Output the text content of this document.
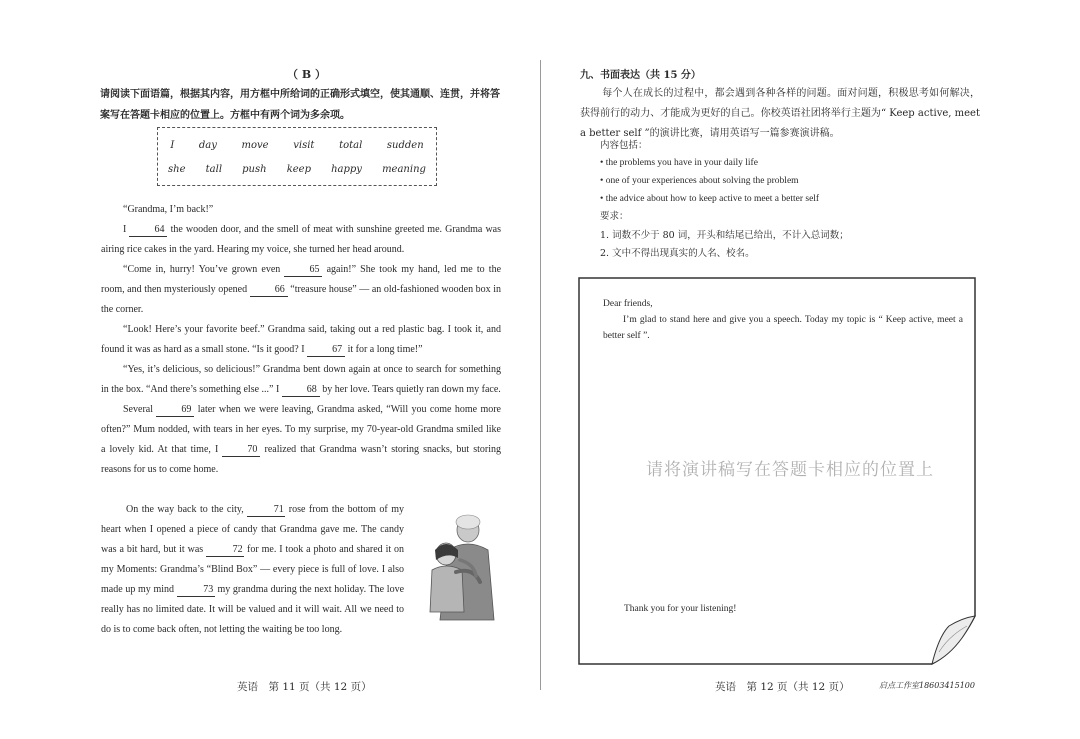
（ B ）
请阅读下面语篇，根据其内容，用方框中所给词的正确形式填空，使其通顺、连贯，并将答案写在答题卡相应的位置上。方框中有两个词为多余项。
I day move visit total sudden
she tall push keep happy meaning

“Grandma, I’m back!”

I	64 the wooden door, and the smell of meat with sunshine greeted me. Grandma was airing rice cakes in the yard. Hearing my voice, she turned her head around.

“Come in, hurry! You’ve grown even	65 again!” She took my hand, led me to the room, and then mysteriously opened	66 “treasure house” — an old-fashioned wooden box in the corner.

“Look! Here’s your favorite beef.” Grandma said, taking out a red plastic bag. I took it, and found it was as hard as a small stone. “Is it good? I	67 it for a long time!”

“Yes, it’s delicious, so delicious!” Grandma bent down again at once to search for something in the box. “And there’s something else ...” I	68 by her love. Tears quietly ran down my face.

Several	69 later when we were leaving, Grandma asked, “Will you come home more often?” Mum nodded, with tears in her eyes. To my surprise, my 70-year-old Grandma smiled like a lovely kid. At that time, I	70 realized that Grandma wasn’t storing snacks, but storing reasons for us to come home.

On the way back to the city,	71 rose from the bottom of my heart when I opened a piece of candy that Grandma gave me. The candy was a bit hard, but it was	72 for me. I took a photo and shared it on my Moments: Grandma’s “Blind Box” — every piece is full of love. I also made up my mind	73 my grandma during the next holiday. The love really has no limited date. It will be valued and it will wait. All we need to do is to come back often, not letting the waiting be too long.

英语　第 11 页（共 12 页）
九、书面表达（共 15 分）
每个人在成长的过程中，都会遇到各种各样的问题。面对问题，积极思考如何解决，获得前行的动力、才能成为更好的自己。你校英语社团将举行主题为“ Keep active, meet a better self ”的演讲比赛，请用英语写一篇参赛演讲稿。
内容包括：
• the problems you have in your daily life
• one of your experiences about solving the problem
• the advice about how to keep active to meet a better self
要求：
1. 词数不少于 80 词，开头和结尾已给出，不计入总词数；
2. 文中不得出现真实的人名、校名。
Dear friends,
I’m glad to stand here and give you a speech. Today my topic is “ Keep active, meet a better self ”.
请将演讲稿写在答题卡相应的位置上
Thank you for your listening!
英语　第 12 页（共 12 页）	启点工作室18603415100
